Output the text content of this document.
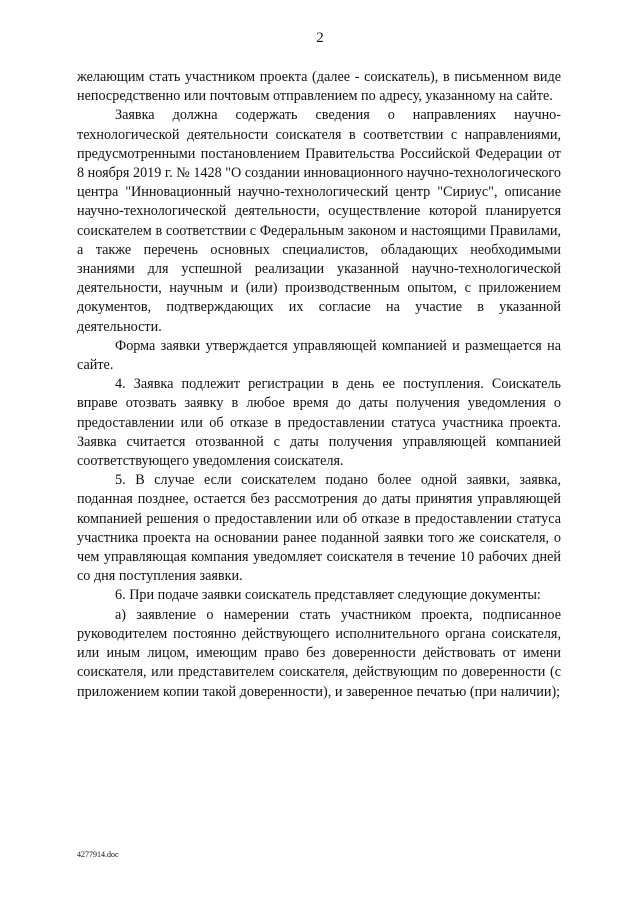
2

желающим стать участником проекта (далее - соискатель), в письменном виде непосредственно или почтовым отправлением по адресу, указанному на сайте.

Заявка должна содержать сведения о направлениях научно-технологической деятельности соискателя в соответствии с направлениями, предусмотренными постановлением Правительства Российской Федерации от 8 ноября 2019 г. № 1428 "О создании инновационного научно-технологического центра "Инновационный научно-технологический центр "Сириус", описание научно-технологической деятельности, осуществление которой планируется соискателем в соответствии с Федеральным законом и настоящими Правилами, а также перечень основных специалистов, обладающих необходимыми знаниями для успешной реализации указанной научно-технологической деятельности, научным и (или) производственным опытом, с приложением документов, подтверждающих их согласие на участие в указанной деятельности.

Форма заявки утверждается управляющей компанией и размещается на сайте.

4. Заявка подлежит регистрации в день ее поступления. Соискатель вправе отозвать заявку в любое время до даты получения уведомления о предоставлении или об отказе в предоставлении статуса участника проекта. Заявка считается отозванной с даты получения управляющей компанией соответствующего уведомления соискателя.

5. В случае если соискателем подано более одной заявки, заявка, поданная позднее, остается без рассмотрения до даты принятия управляющей компанией решения о предоставлении или об отказе в предоставлении статуса участника проекта на основании ранее поданной заявки того же соискателя, о чем управляющая компания уведомляет соискателя в течение 10 рабочих дней со дня поступления заявки.

6. При подаче заявки соискатель представляет следующие документы:

а) заявление о намерении стать участником проекта, подписанное руководителем постоянно действующего исполнительного органа соискателя, или иным лицом, имеющим право без доверенности действовать от имени соискателя, или представителем соискателя, действующим по доверенности (с приложением копии такой доверенности), и заверенное печатью (при наличии);

4277914.doc
